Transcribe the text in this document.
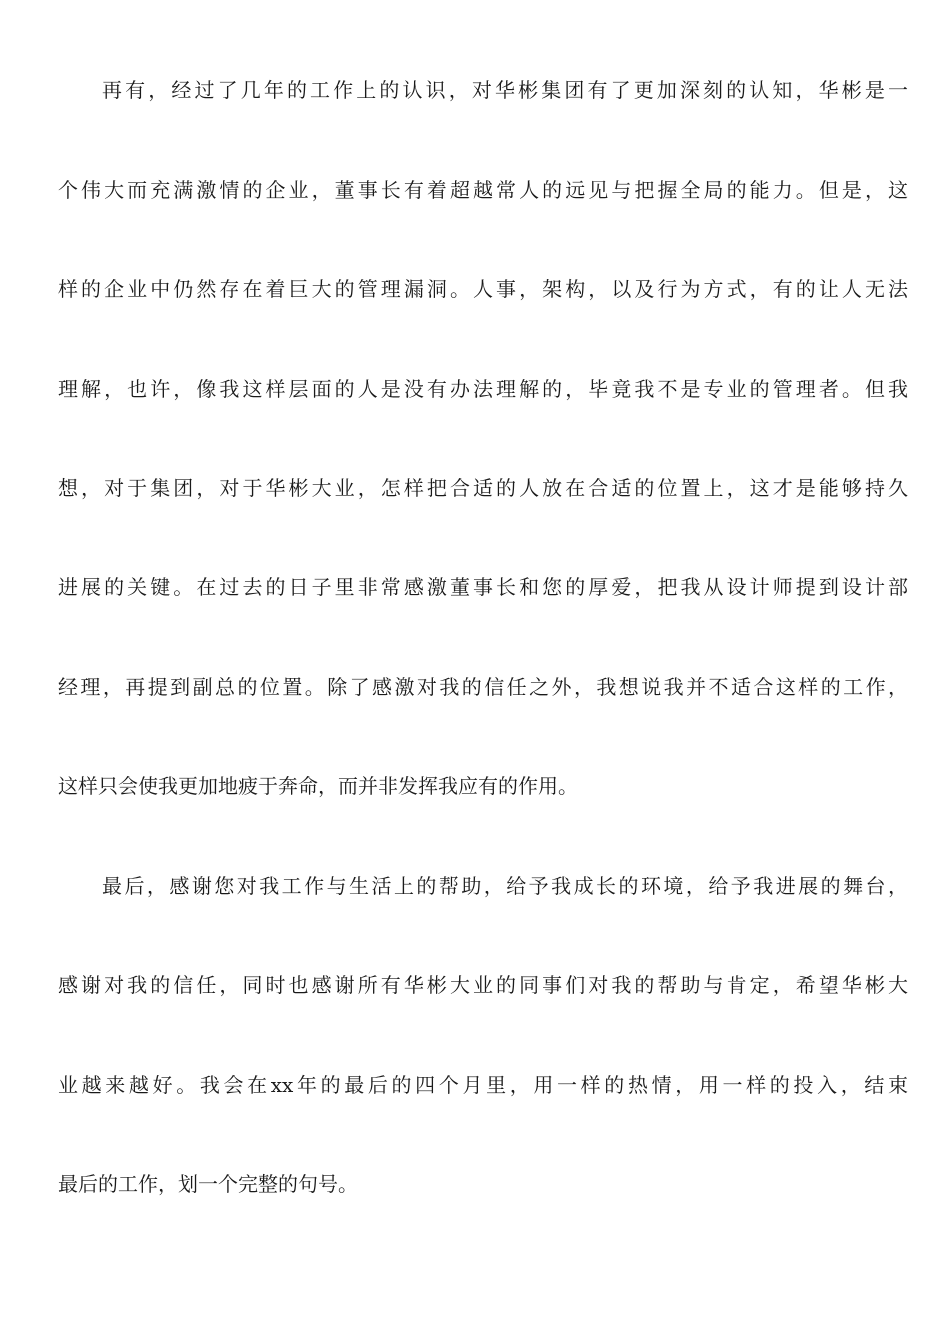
再有，经过了几年的工作上的认识，对华彬集团有了更加深刻的认知，华彬是一
个伟大而充满激情的企业，董事长有着超越常人的远见与把握全局的能力。但是，这
样的企业中仍然存在着巨大的管理漏洞。人事，架构，以及行为方式，有的让人无法
理解，也许，像我这样层面的人是没有办法理解的，毕竟我不是专业的管理者。但我
想，对于集团，对于华彬大业，怎样把合适的人放在合适的位置上，这才是能够持久
进展的关键。在过去的日子里非常感激董事长和您的厚爱，把我从设计师提到设计部
经理，再提到副总的位置。除了感激对我的信任之外，我想说我并不适合这样的工作，
这样只会使我更加地疲于奔命，而并非发挥我应有的作用。
最后，感谢您对我工作与生活上的帮助，给予我成长的环境，给予我进展的舞台，
感谢对我的信任，同时也感谢所有华彬大业的同事们对我的帮助与肯定，希望华彬大
业越来越好。我会在xx年的最后的四个月里，用一样的热情，用一样的投入，结束
最后的工作，划一个完整的句号。
